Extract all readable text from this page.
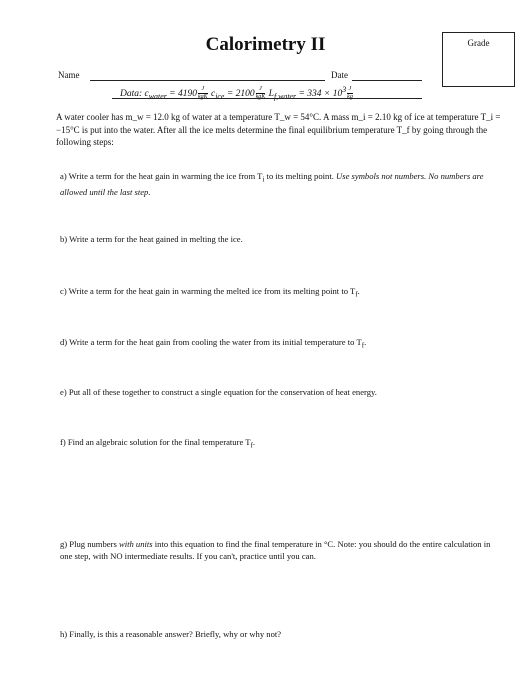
Calorimetry II	Grade
Name	Date
Data: $c_{water} = 4190 \frac{J}{\text{kgK}} c_{ice} = 2100 \frac{J}{\text{kgK}} L_{f,water} = 334 \times 10^3 \frac{J}{kg}$
A water cooler has m_w = 12.0 kg of water at a temperature T_w = 54°C. A mass m_i = 2.10 kg of ice at temperature T_i = −15°C is put into the water. After all the ice melts determine the final equilibrium temperature T_f by going through the following steps:
a) Write a term for the heat gain in warming the ice from $T_i$ to its melting point. Use symbols not numbers. No numbers are allowed until the last step.
b) Write a term for the heat gained in melting the ice.
c) Write a term for the heat gain in warming the melted ice from its melting point to $T_f$.
d) Write a term for the heat gain from cooling the water from its initial temperature to $T_f$.
e) Put all of these together to construct a single equation for the conservation of heat energy.
f) Find an algebraic solution for the final temperature $T_f$.
g) Plug numbers with units into this equation to find the final temperature in °C. Note: you should do the entire calculation in one step, with NO intermediate results. If you can't, practice until you can.
h) Finally, is this a reasonable answer? Briefly, why or why not?
